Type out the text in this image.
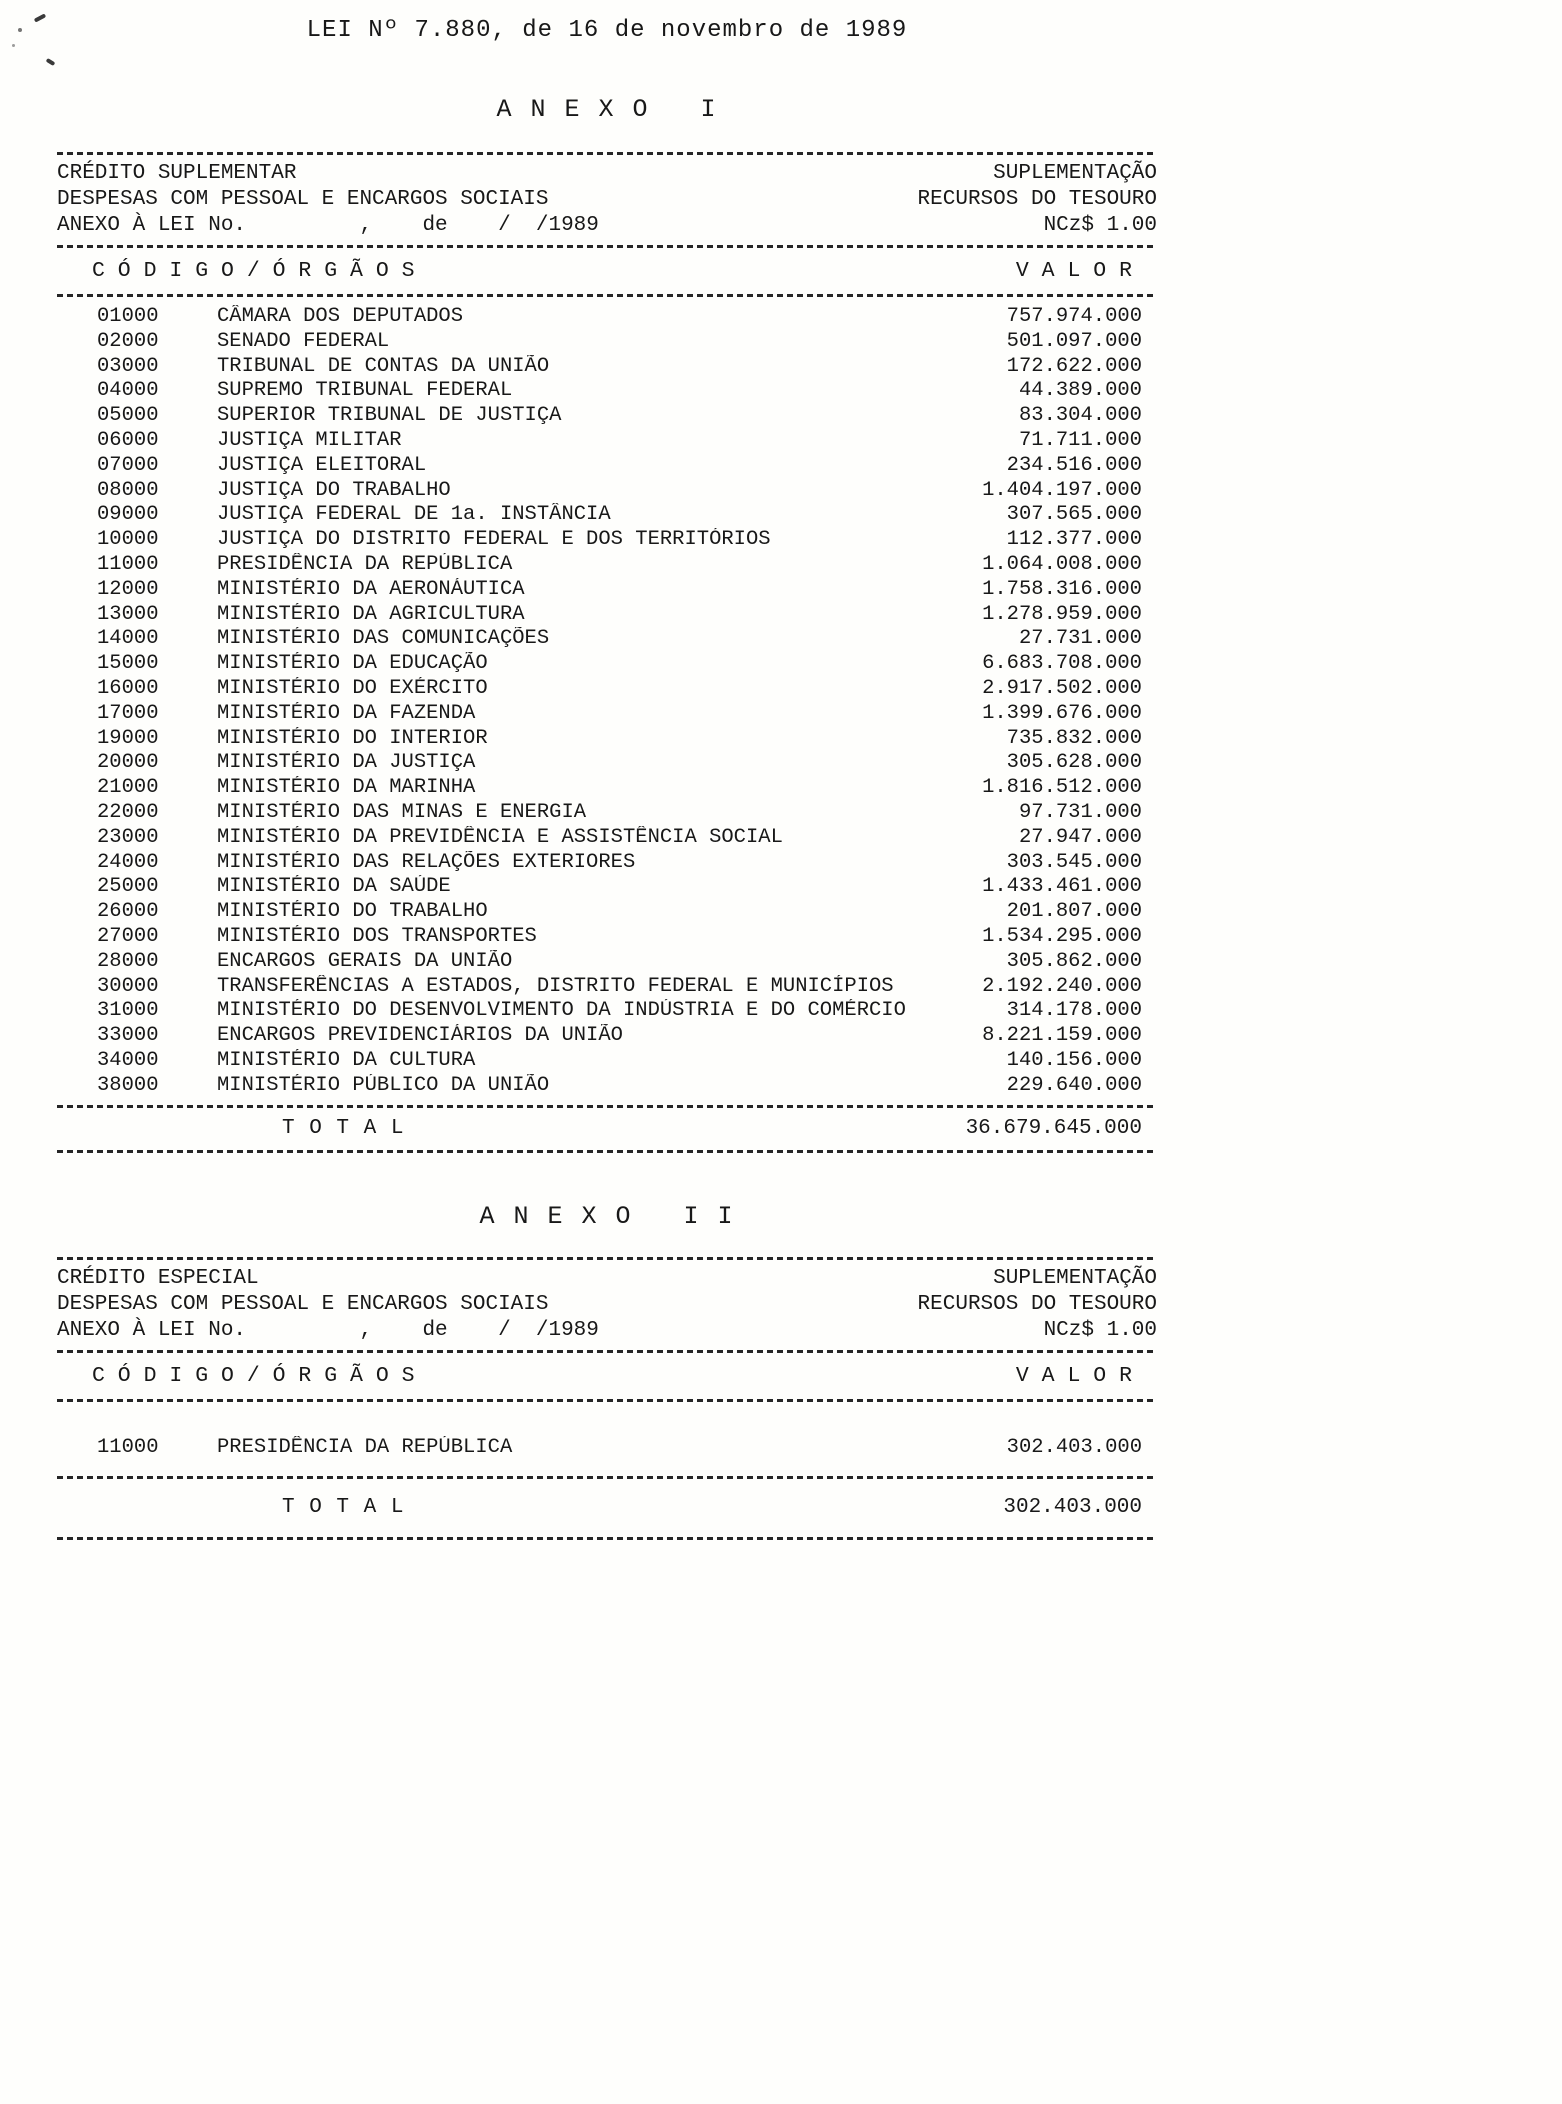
LEI Nº 7.880, de 16 de novembro de 1989
A N E X O   I
CRÉDITO SUPLEMENTAR	SUPLEMENTAÇÃO
DESPESAS COM PESSOAL E ENCARGOS SOCIAIS	RECURSOS DO TESOURO
ANEXO À LEI No.         ,    de    /  /1989	NCz$ 1.00
C Ó D I G O / Ó R G Ã O S	V A L O R
01000	CÂMARA DOS DEPUTADOS	757.974.000
02000	SENADO FEDERAL	501.097.000
03000	TRIBUNAL DE CONTAS DA UNIÃO	172.622.000
04000	SUPREMO TRIBUNAL FEDERAL	44.389.000
05000	SUPERIOR TRIBUNAL DE JUSTIÇA	83.304.000
06000	JUSTIÇA MILITAR	71.711.000
07000	JUSTIÇA ELEITORAL	234.516.000
08000	JUSTIÇA DO TRABALHO	1.404.197.000
09000	JUSTIÇA FEDERAL DE 1a. INSTÂNCIA	307.565.000
10000	JUSTIÇA DO DISTRITO FEDERAL E DOS TERRITÓRIOS	112.377.000
11000	PRESIDÊNCIA DA REPÚBLICA	1.064.008.000
12000	MINISTÉRIO DA AERONÁUTICA	1.758.316.000
13000	MINISTÉRIO DA AGRICULTURA	1.278.959.000
14000	MINISTÉRIO DAS COMUNICAÇÕES	27.731.000
15000	MINISTÉRIO DA EDUCAÇÃO	6.683.708.000
16000	MINISTÉRIO DO EXÉRCITO	2.917.502.000
17000	MINISTÉRIO DA FAZENDA	1.399.676.000
19000	MINISTÉRIO DO INTERIOR	735.832.000
20000	MINISTÉRIO DA JUSTIÇA	305.628.000
21000	MINISTÉRIO DA MARINHA	1.816.512.000
22000	MINISTÉRIO DAS MINAS E ENERGIA	97.731.000
23000	MINISTÉRIO DA PREVIDÊNCIA E ASSISTÊNCIA SOCIAL	27.947.000
24000	MINISTÉRIO DAS RELAÇÕES EXTERIORES	303.545.000
25000	MINISTÉRIO DA SAÚDE	1.433.461.000
26000	MINISTÉRIO DO TRABALHO	201.807.000
27000	MINISTÉRIO DOS TRANSPORTES	1.534.295.000
28000	ENCARGOS GERAIS DA UNIÃO	305.862.000
30000	TRANSFERÊNCIAS A ESTADOS, DISTRITO FEDERAL E MUNICÍPIOS	2.192.240.000
31000	MINISTÉRIO DO DESENVOLVIMENTO DA INDÚSTRIA E DO COMÉRCIO	314.178.000
33000	ENCARGOS PREVIDENCIÁRIOS DA UNIÃO	8.221.159.000
34000	MINISTÉRIO DA CULTURA	140.156.000
38000	MINISTÉRIO PÚBLICO DA UNIÃO	229.640.000
T O T A L	36.679.645.000
A N E X O   I I
CRÉDITO ESPECIAL	SUPLEMENTAÇÃO
DESPESAS COM PESSOAL E ENCARGOS SOCIAIS	RECURSOS DO TESOURO
ANEXO À LEI No.         ,    de    /  /1989	NCz$ 1.00
C Ó D I G O / Ó R G Ã O S	V A L O R
11000	PRESIDÊNCIA DA REPÚBLICA	302.403.000
T O T A L	302.403.000
